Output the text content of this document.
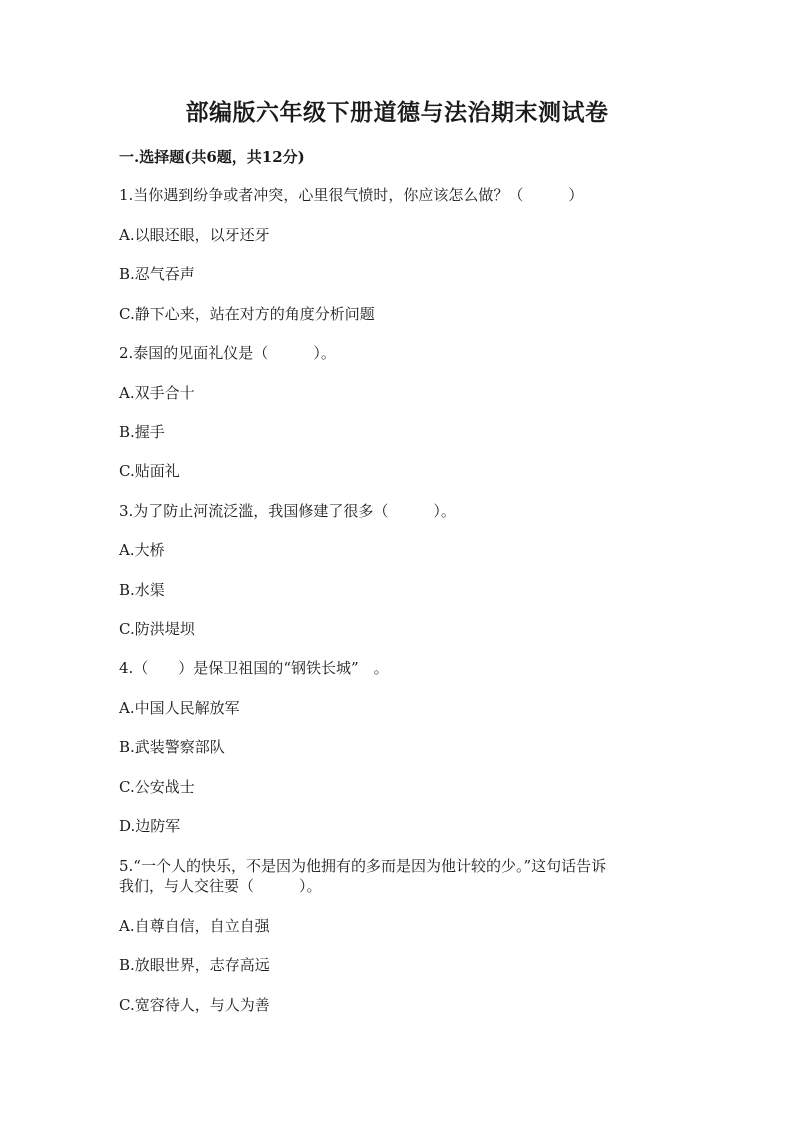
部编版六年级下册道德与法治期末测试卷
一.选择题(共6题，共12分)
1.当你遇到纷争或者冲突，心里很气愤时，你应该怎么做？（　　　）
A.以眼还眼，以牙还牙
B.忍气吞声
C.静下心来，站在对方的角度分析问题
2.泰国的见面礼仪是（　　　）。
A.双手合十
B.握手
C.贴面礼
3.为了防止河流泛滥，我国修建了很多（　　　）。
A.大桥
B.水渠
C.防洪堤坝
4.（　　）是保卫祖国的“钢铁长城”　。
A.中国人民解放军
B.武装警察部队
C.公安战士
D.边防军
5.“一个人的快乐，不是因为他拥有的多而是因为他计较的少。”这句话告诉
我们，与人交往要（　　　）。
A.自尊自信，自立自强
B.放眼世界，志存高远
C.宽容待人，与人为善
